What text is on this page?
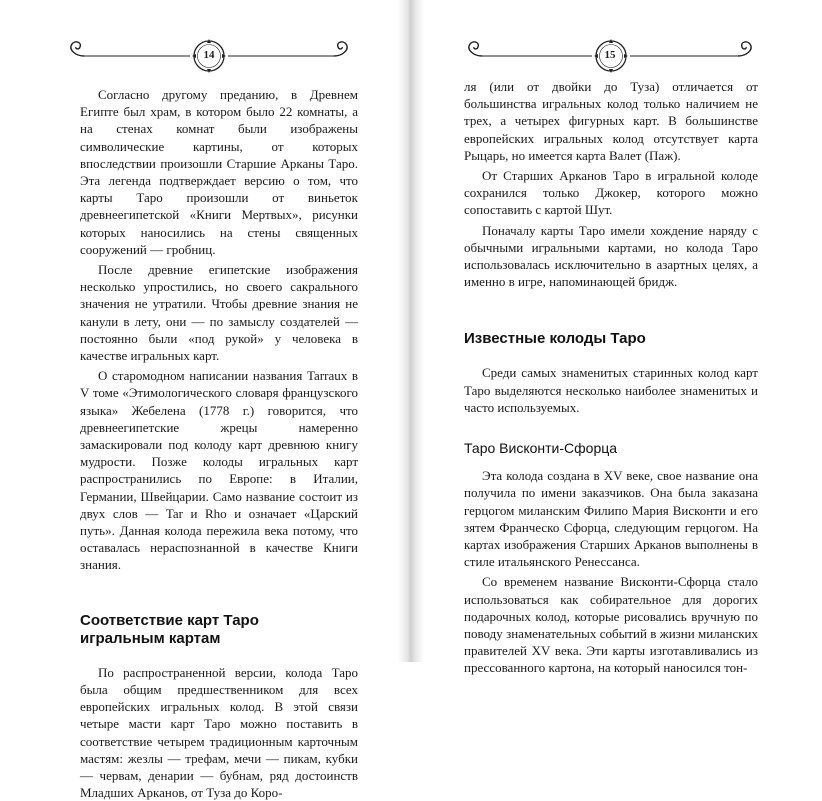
14

Согласно другому преданию, в Древнем Египте был храм, в котором было 22 комнаты, а на стенах комнат были изображены символические картины, от которых впоследствии произошли Старшие Арканы Таро. Эта легенда подтверждает версию о том, что карты Таро произошли от виньеток древнеегипетской «Книги Мертвых», рисунки которых наносились на стены священных сооружений — гробниц.

После древние египетские изображения несколько упростились, но своего сакрального значения не утратили. Чтобы древние знания не канули в лету, они — по замыслу создателей — постоянно были «под рукой» у человека в качестве игральных карт.

О старомодном написании названия Tarraux в V томе «Этимологического словаря французского языка» Жебелена (1778 г.) говорится, что древнеегипетские жрецы намеренно замаскировали под колоду карт древнюю книгу мудрости. Позже колоды игральных карт распространились по Европе: в Италии, Германии, Швейцарии. Само название состоит из двух слов — Tar и Rho и означает «Царский путь». Данная колода пережила века потому, что оставалась нераспознанной в качестве Книги знания.

Соответствие карт Таро
игральным картам

По распространенной версии, колода Таро была общим предшественником для всех европейских игральных колод. В этой связи четыре масти карт Таро можно поставить в соответствие четырем традиционным карточным мастям: жезлы — трефам, мечи — пикам, кубки — червам, денарии — бубнам, ряд достоинств Младших Арканов, от Туза до Коро-

15

ля (или от двойки до Туза) отличается от большинства игральных колод только наличием не трех, а четырех фигурных карт. В большинстве европейских игральных колод отсутствует карта Рыцарь, но имеется карта Валет (Паж).

От Старших Арканов Таро в игральной колоде сохранился только Джокер, которого можно сопоставить с картой Шут.

Поначалу карты Таро имели хождение наряду с обычными игральными картами, но колода Таро использовалась исключительно в азартных целях, а именно в игре, напоминающей бридж.

Известные колоды Таро

Среди самых знаменитых старинных колод карт Таро выделяются несколько наиболее знаменитых и часто используемых.

Таро Висконти-Сфорца

Эта колода создана в XV веке, свое название она получила по имени заказчиков. Она была заказана герцогом миланским Филипо Мария Висконти и его зятем Франческо Сфорца, следующим герцогом. На картах изображения Старших Арканов выполнены в стиле итальянского Ренессанса.

Со временем название Висконти-Сфорца стало использоваться как собирательное для дорогих подарочных колод, которые рисовались вручную по поводу знаменательных событий в жизни миланских правителей XV века. Эти карты изготавливались из прессованного картона, на который наносился тон-
